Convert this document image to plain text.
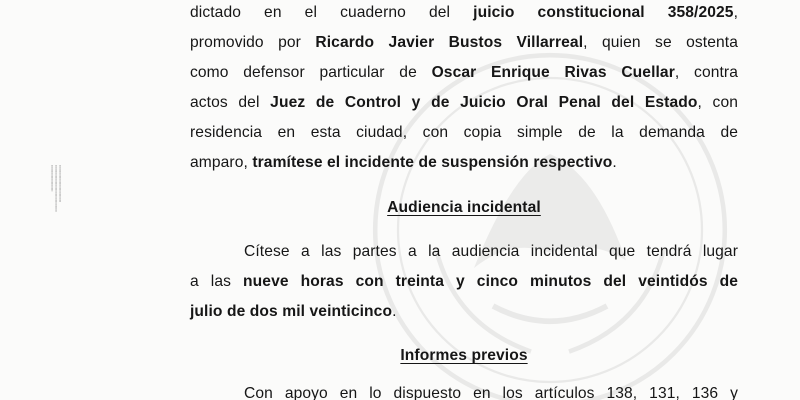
▪▪▪▪▪▪▪▪▪▪▪▪▪▪▪▪▪▪▪▪▪▪▪▪▪▪▪▪▪▪▪
▪▪▪▪▪▪▪▪▪▪▪▪▪▪▪▪▪▪▪▪▪▪▪▪▪▪▪▪▪▪▪▪▪▪▪▪▪▪▪
▪▪▪▪▪▪▪▪▪▪▪▪▪▪▪▪▪▪▪▪▪▪
dictado en el cuaderno del juicio constitucional 358/2025,
promovido por Ricardo Javier Bustos Villarreal, quien se ostenta
como defensor particular de Oscar Enrique Rivas Cuellar, contra
actos del Juez de Control y de Juicio Oral Penal del Estado, con
residencia en esta ciudad, con copia simple de la demanda de
amparo, tramítese el incidente de suspensión respectivo.
Audiencia incidental
Cítese a las partes a la audiencia incidental que tendrá lugar
a las nueve horas con treinta y cinco minutos del veintidós de
julio de dos mil veinticinco.
Informes previos
Con apoyo en lo dispuesto en los artículos 138, 131, 136 y
